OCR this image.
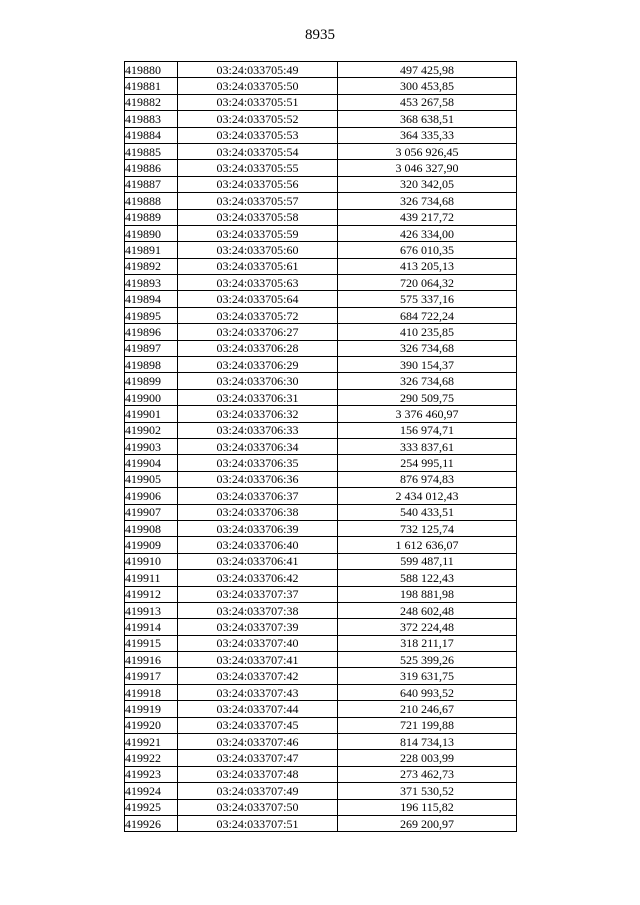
8935
419880	03:24:033705:49	497 425,98
419881	03:24:033705:50	300 453,85
419882	03:24:033705:51	453 267,58
419883	03:24:033705:52	368 638,51
419884	03:24:033705:53	364 335,33
419885	03:24:033705:54	3 056 926,45
419886	03:24:033705:55	3 046 327,90
419887	03:24:033705:56	320 342,05
419888	03:24:033705:57	326 734,68
419889	03:24:033705:58	439 217,72
419890	03:24:033705:59	426 334,00
419891	03:24:033705:60	676 010,35
419892	03:24:033705:61	413 205,13
419893	03:24:033705:63	720 064,32
419894	03:24:033705:64	575 337,16
419895	03:24:033705:72	684 722,24
419896	03:24:033706:27	410 235,85
419897	03:24:033706:28	326 734,68
419898	03:24:033706:29	390 154,37
419899	03:24:033706:30	326 734,68
419900	03:24:033706:31	290 509,75
419901	03:24:033706:32	3 376 460,97
419902	03:24:033706:33	156 974,71
419903	03:24:033706:34	333 837,61
419904	03:24:033706:35	254 995,11
419905	03:24:033706:36	876 974,83
419906	03:24:033706:37	2 434 012,43
419907	03:24:033706:38	540 433,51
419908	03:24:033706:39	732 125,74
419909	03:24:033706:40	1 612 636,07
419910	03:24:033706:41	599 487,11
419911	03:24:033706:42	588 122,43
419912	03:24:033707:37	198 881,98
419913	03:24:033707:38	248 602,48
419914	03:24:033707:39	372 224,48
419915	03:24:033707:40	318 211,17
419916	03:24:033707:41	525 399,26
419917	03:24:033707:42	319 631,75
419918	03:24:033707:43	640 993,52
419919	03:24:033707:44	210 246,67
419920	03:24:033707:45	721 199,88
419921	03:24:033707:46	814 734,13
419922	03:24:033707:47	228 003,99
419923	03:24:033707:48	273 462,73
419924	03:24:033707:49	371 530,52
419925	03:24:033707:50	196 115,82
419926	03:24:033707:51	269 200,97
